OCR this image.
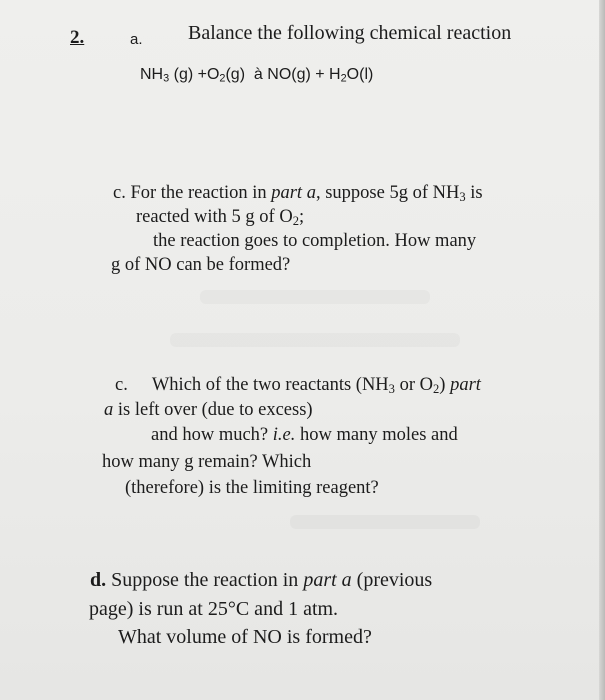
2.	a. Balance the following chemical reaction
$NH_3$ $(g) +O_2(g)$  à $NO(g) + H_2O(l)$
c. For the reaction in part a, suppose 5g of $NH_3$ is
reacted with 5 g of $O_2$;
the reaction goes to completion. How many
g of NO can be formed?
c. Which of the two reactants ($NH_3$ or $O_2$) part
a is left over (due to excess)
and how much? i.e. how many moles and
how many g remain? Which
(therefore) is the limiting reagent?
d. Suppose the reaction in part a (previous
page) is run at 25°C and 1 atm.
What volume of NO is formed?
